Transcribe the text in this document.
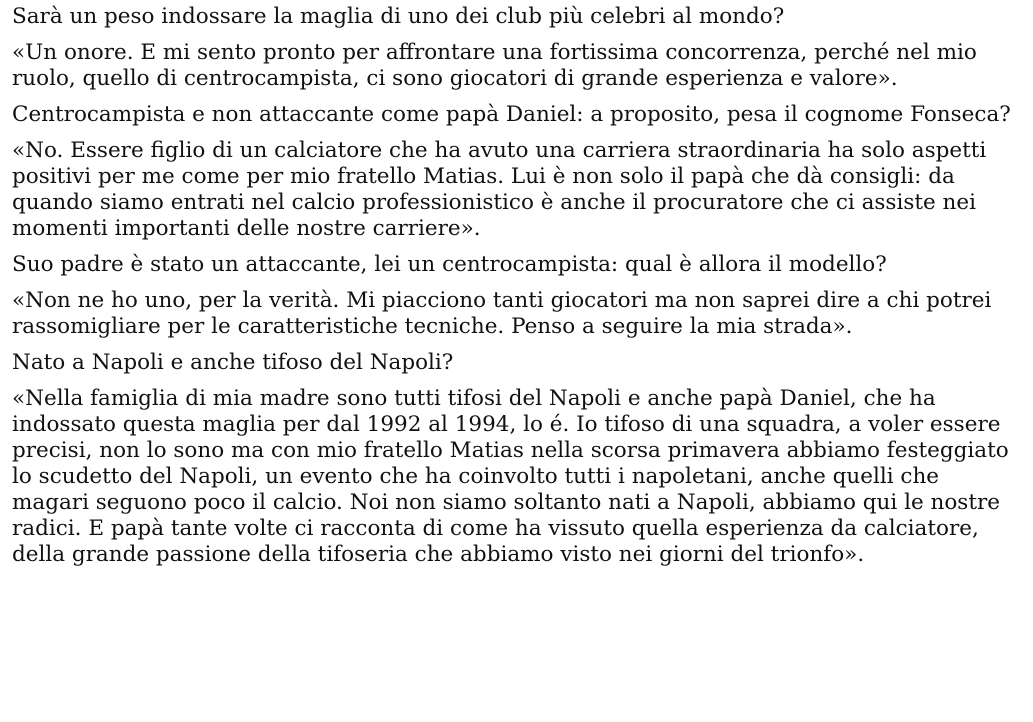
Sarà un peso indossare la maglia di uno dei club più celebri al mondo?

«Un onore. E mi sento pronto per affrontare una fortissima concorrenza, perché nel mio ruolo, quello di centrocampista, ci sono giocatori di grande esperienza e valore».

Centrocampista e non attaccante come papà Daniel: a proposito, pesa il cognome Fonseca?

«No. Essere figlio di un calciatore che ha avuto una carriera straordinaria ha solo aspetti positivi per me come per mio fratello Matias. Lui è non solo il papà che dà consigli: da quando siamo entrati nel calcio professionistico è anche il procuratore che ci assiste nei momenti importanti delle nostre carriere».

Suo padre è stato un attaccante, lei un centrocampista: qual è allora il modello?

«Non ne ho uno, per la verità. Mi piacciono tanti giocatori ma non saprei dire a chi potrei rassomigliare per le caratteristiche tecniche. Penso a seguire la mia strada».

Nato a Napoli e anche tifoso del Napoli?

«Nella famiglia di mia madre sono tutti tifosi del Napoli e anche papà Daniel, che ha indossato questa maglia per dal 1992 al 1994, lo é. Io tifoso di una squadra, a voler essere precisi, non lo sono ma con mio fratello Matias nella scorsa primavera abbiamo festeggiato lo scudetto del Napoli, un evento che ha coinvolto tutti i napoletani, anche quelli che magari seguono poco il calcio. Noi non siamo soltanto nati a Napoli, abbiamo qui le nostre radici. E papà tante volte ci racconta di come ha vissuto quella esperienza da calciatore, della grande passione della tifoseria che abbiamo visto nei giorni del trionfo».
